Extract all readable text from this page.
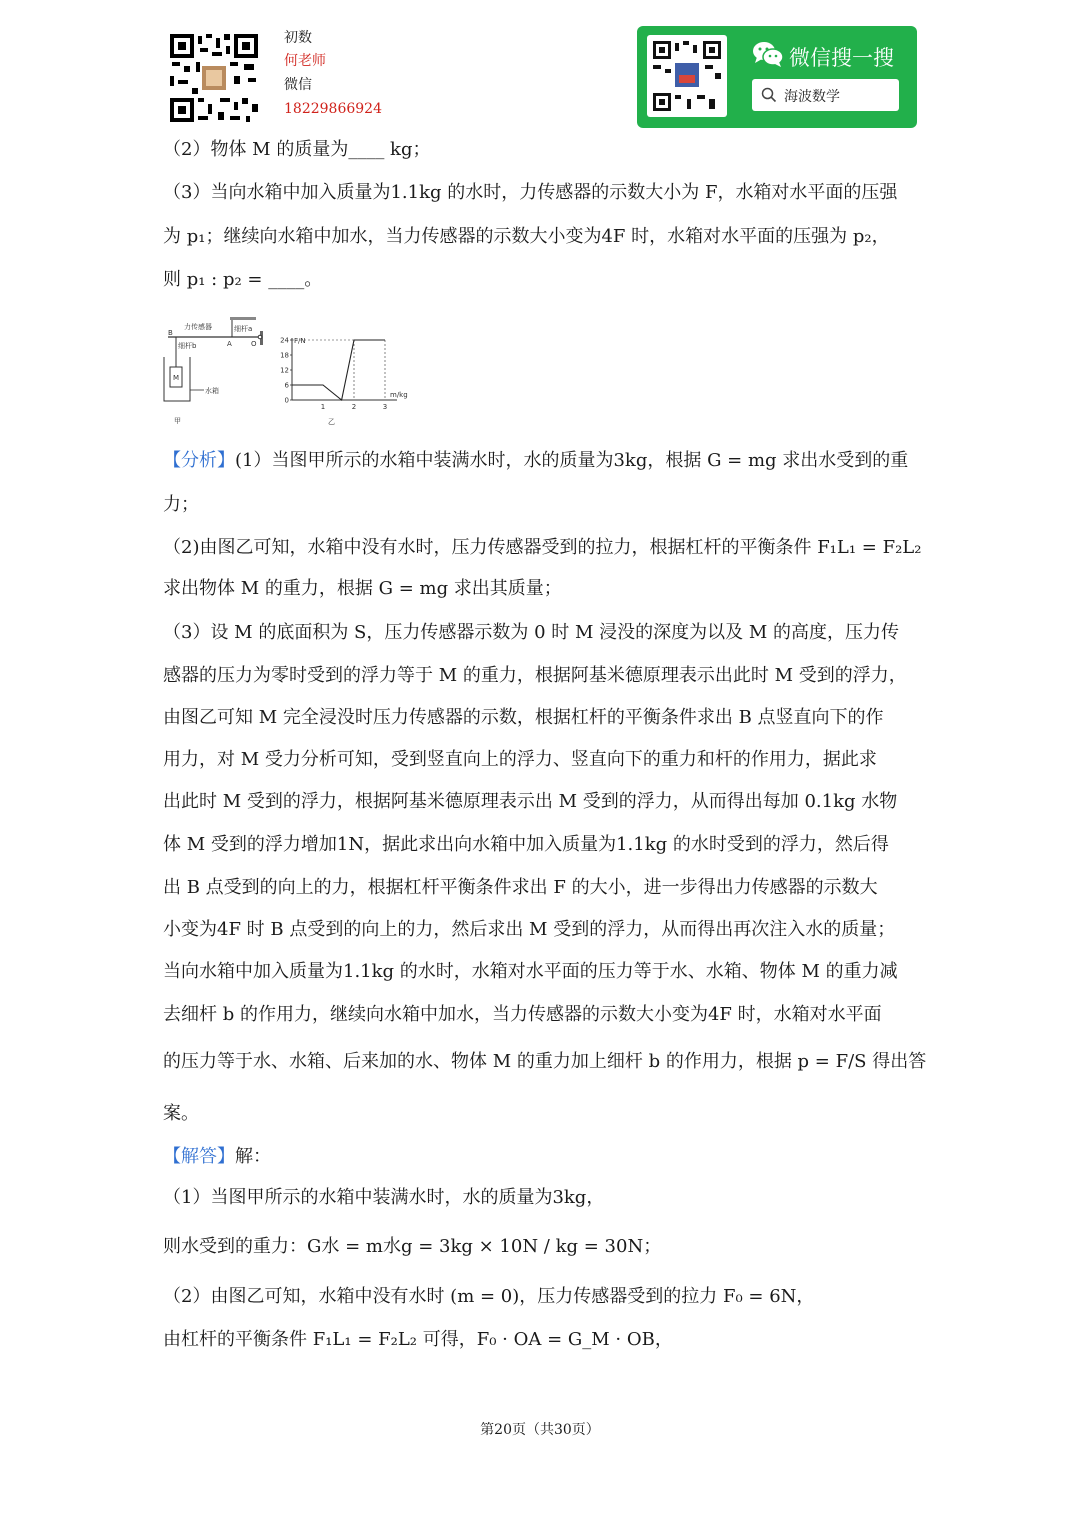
初数
何老师
微信
18229866924
微信搜一搜
海波数学
（2）物体 M 的质量为____ kg；
（3）当向水箱中加入质量为1.1kg 的水时，力传感器的示数大小为 F，水箱对水平面的压强
为 p₁；继续向水箱中加水，当力传感器的示数大小变为4F 时，水箱对水平面的压强为 p₂，
则 p₁ : p₂ = ____。
B
力传感器	细杆a
细杆b	A	O
M
水箱
甲
F/N
m/kg
乙
0
6
12
18
24
1	2	3
【分析】(1）当图甲所示的水箱中装满水时，水的质量为3kg，根据 G = mg 求出水受到的重
力；
（2)由图乙可知，水箱中没有水时，压力传感器受到的拉力，根据杠杆的平衡条件 F₁L₁ = F₂L₂
求出物体 M 的重力，根据 G = mg 求出其质量；
（3）设 M 的底面积为 S，压力传感器示数为 0 时 M 浸没的深度为以及 M 的高度，压力传
感器的压力为零时受到的浮力等于 M 的重力，根据阿基米德原理表示出此时 M 受到的浮力，
由图乙可知 M 完全浸没时压力传感器的示数，根据杠杆的平衡条件求出 B 点竖直向下的作
用力，对 M 受力分析可知，受到竖直向上的浮力、竖直向下的重力和杆的作用力，据此求
出此时 M 受到的浮力，根据阿基米德原理表示出 M 受到的浮力，从而得出每加 0.1kg 水物
体 M 受到的浮力增加1N，据此求出向水箱中加入质量为1.1kg 的水时受到的浮力，然后得
出 B 点受到的向上的力，根据杠杆平衡条件求出 F 的大小，进一步得出力传感器的示数大
小变为4F 时 B 点受到的向上的力，然后求出 M 受到的浮力，从而得出再次注入水的质量；
当向水箱中加入质量为1.1kg 的水时，水箱对水平面的压力等于水、水箱、物体 M 的重力减
去细杆 b 的作用力，继续向水箱中加水，当力传感器的示数大小变为4F 时，水箱对水平面
的压力等于水、水箱、后来加的水、物体 M 的重力加上细杆 b 的作用力，根据 p = F/S 得出答
案。
【解答】解：
（1）当图甲所示的水箱中装满水时，水的质量为3kg，
则水受到的重力：G水 = m水g = 3kg × 10N / kg = 30N；
（2）由图乙可知，水箱中没有水时 (m = 0)，压力传感器受到的拉力 F₀ = 6N，
由杠杆的平衡条件 F₁L₁ = F₂L₂ 可得，F₀ · OA = G_M · OB，
第20页（共30页）
